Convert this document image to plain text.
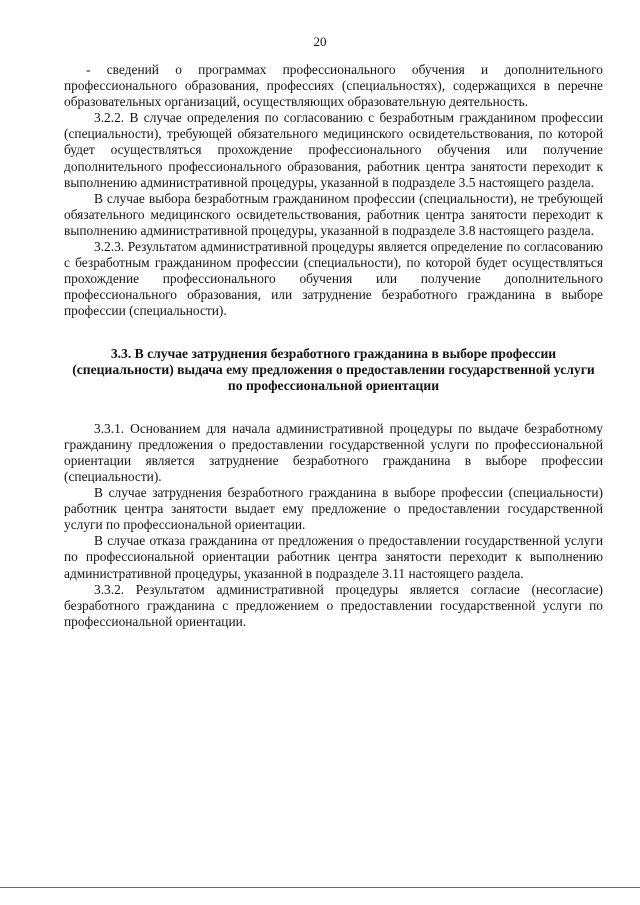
20

- сведений о программах профессионального обучения и дополнительного профессионального образования, профессиях (специальностях), содержащихся в перечне образовательных организаций, осуществляющих образовательную деятельность.

3.2.2. В случае определения по согласованию с безработным гражданином профессии (специальности), требующей обязательного медицинского освидетельствования, по которой будет осуществляться прохождение профессионального обучения или получение дополнительного профессионального образования, работник центра занятости переходит к выполнению административной процедуры, указанной в подразделе 3.5 настоящего раздела.

В случае выбора безработным гражданином профессии (специальности), не требующей обязательного медицинского освидетельствования, работник центра занятости переходит к выполнению административной процедуры, указанной в подразделе 3.8 настоящего раздела.

3.2.3. Результатом административной процедуры является определение по согласованию с безработным гражданином профессии (специальности), по которой будет осуществляться прохождение профессионального обучения или получение дополнительного профессионального образования, или затруднение безработного гражданина в выборе профессии (специальности).

3.3. В случае затруднения безработного гражданина в выборе профессии (специальности) выдача ему предложения о предоставлении государственной услуги по профессиональной ориентации

3.3.1. Основанием для начала административной процедуры по выдаче безработному гражданину предложения о предоставлении государственной услуги по профессиональной ориентации является затруднение безработного гражданина в выборе профессии (специальности).

В случае затруднения безработного гражданина в выборе профессии (специальности) работник центра занятости выдает ему предложение о предоставлении государственной услуги по профессиональной ориентации.

В случае отказа гражданина от предложения о предоставлении государственной услуги по профессиональной ориентации работник центра занятости переходит к выполнению административной процедуры, указанной в подразделе 3.11 настоящего раздела.

3.3.2. Результатом административной процедуры является согласие (несогласие) безработного гражданина с предложением о предоставлении государственной услуги по профессиональной ориентации.
